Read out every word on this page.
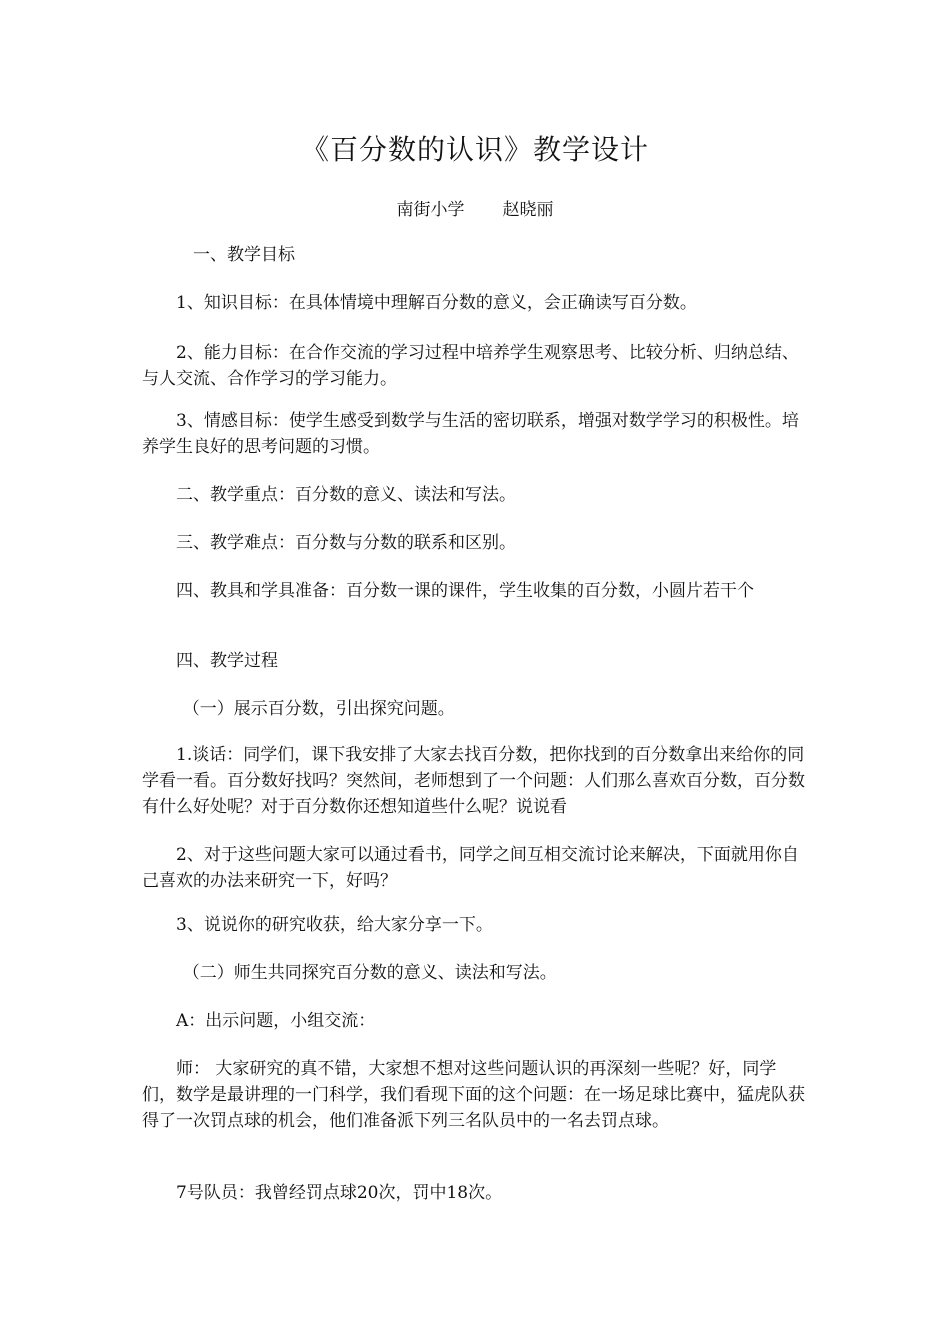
《百分数的认识》教学设计
南街小学 赵晓丽

一、教学目标

1、知识目标：在具体情境中理解百分数的意义，会正确读写百分数。

2、能力目标：在合作交流的学习过程中培养学生观察思考、比较分析、归纳总结、与人交流、合作学习的学习能力。

3、情感目标：使学生感受到数学与生活的密切联系，增强对数学学习的积极性。培养学生良好的思考问题的习惯。

二、教学重点：百分数的意义、读法和写法。

三、教学难点：百分数与分数的联系和区别。

四、教具和学具准备：百分数一课的课件，学生收集的百分数，小圆片若干个

四、教学过程

（一）展示百分数，引出探究问题。

1.谈话：同学们，课下我安排了大家去找百分数，把你找到的百分数拿出来给你的同学看一看。百分数好找吗？突然间，老师想到了一个问题：人们那么喜欢百分数，百分数有什么好处呢？对于百分数你还想知道些什么呢？说说看

2、对于这些问题大家可以通过看书，同学之间互相交流讨论来解决，下面就用你自己喜欢的办法来研究一下，好吗？

3、说说你的研究收获，给大家分享一下。

（二）师生共同探究百分数的意义、读法和写法。

A：出示问题，小组交流：

师： 大家研究的真不错，大家想不想对这些问题认识的再深刻一些呢？好，同学们，数学是最讲理的一门科学，我们看现下面的这个问题：在一场足球比赛中，猛虎队获得了一次罚点球的机会，他们准备派下列三名队员中的一名去罚点球。

7号队员：我曾经罚点球20次，罚中18次。
